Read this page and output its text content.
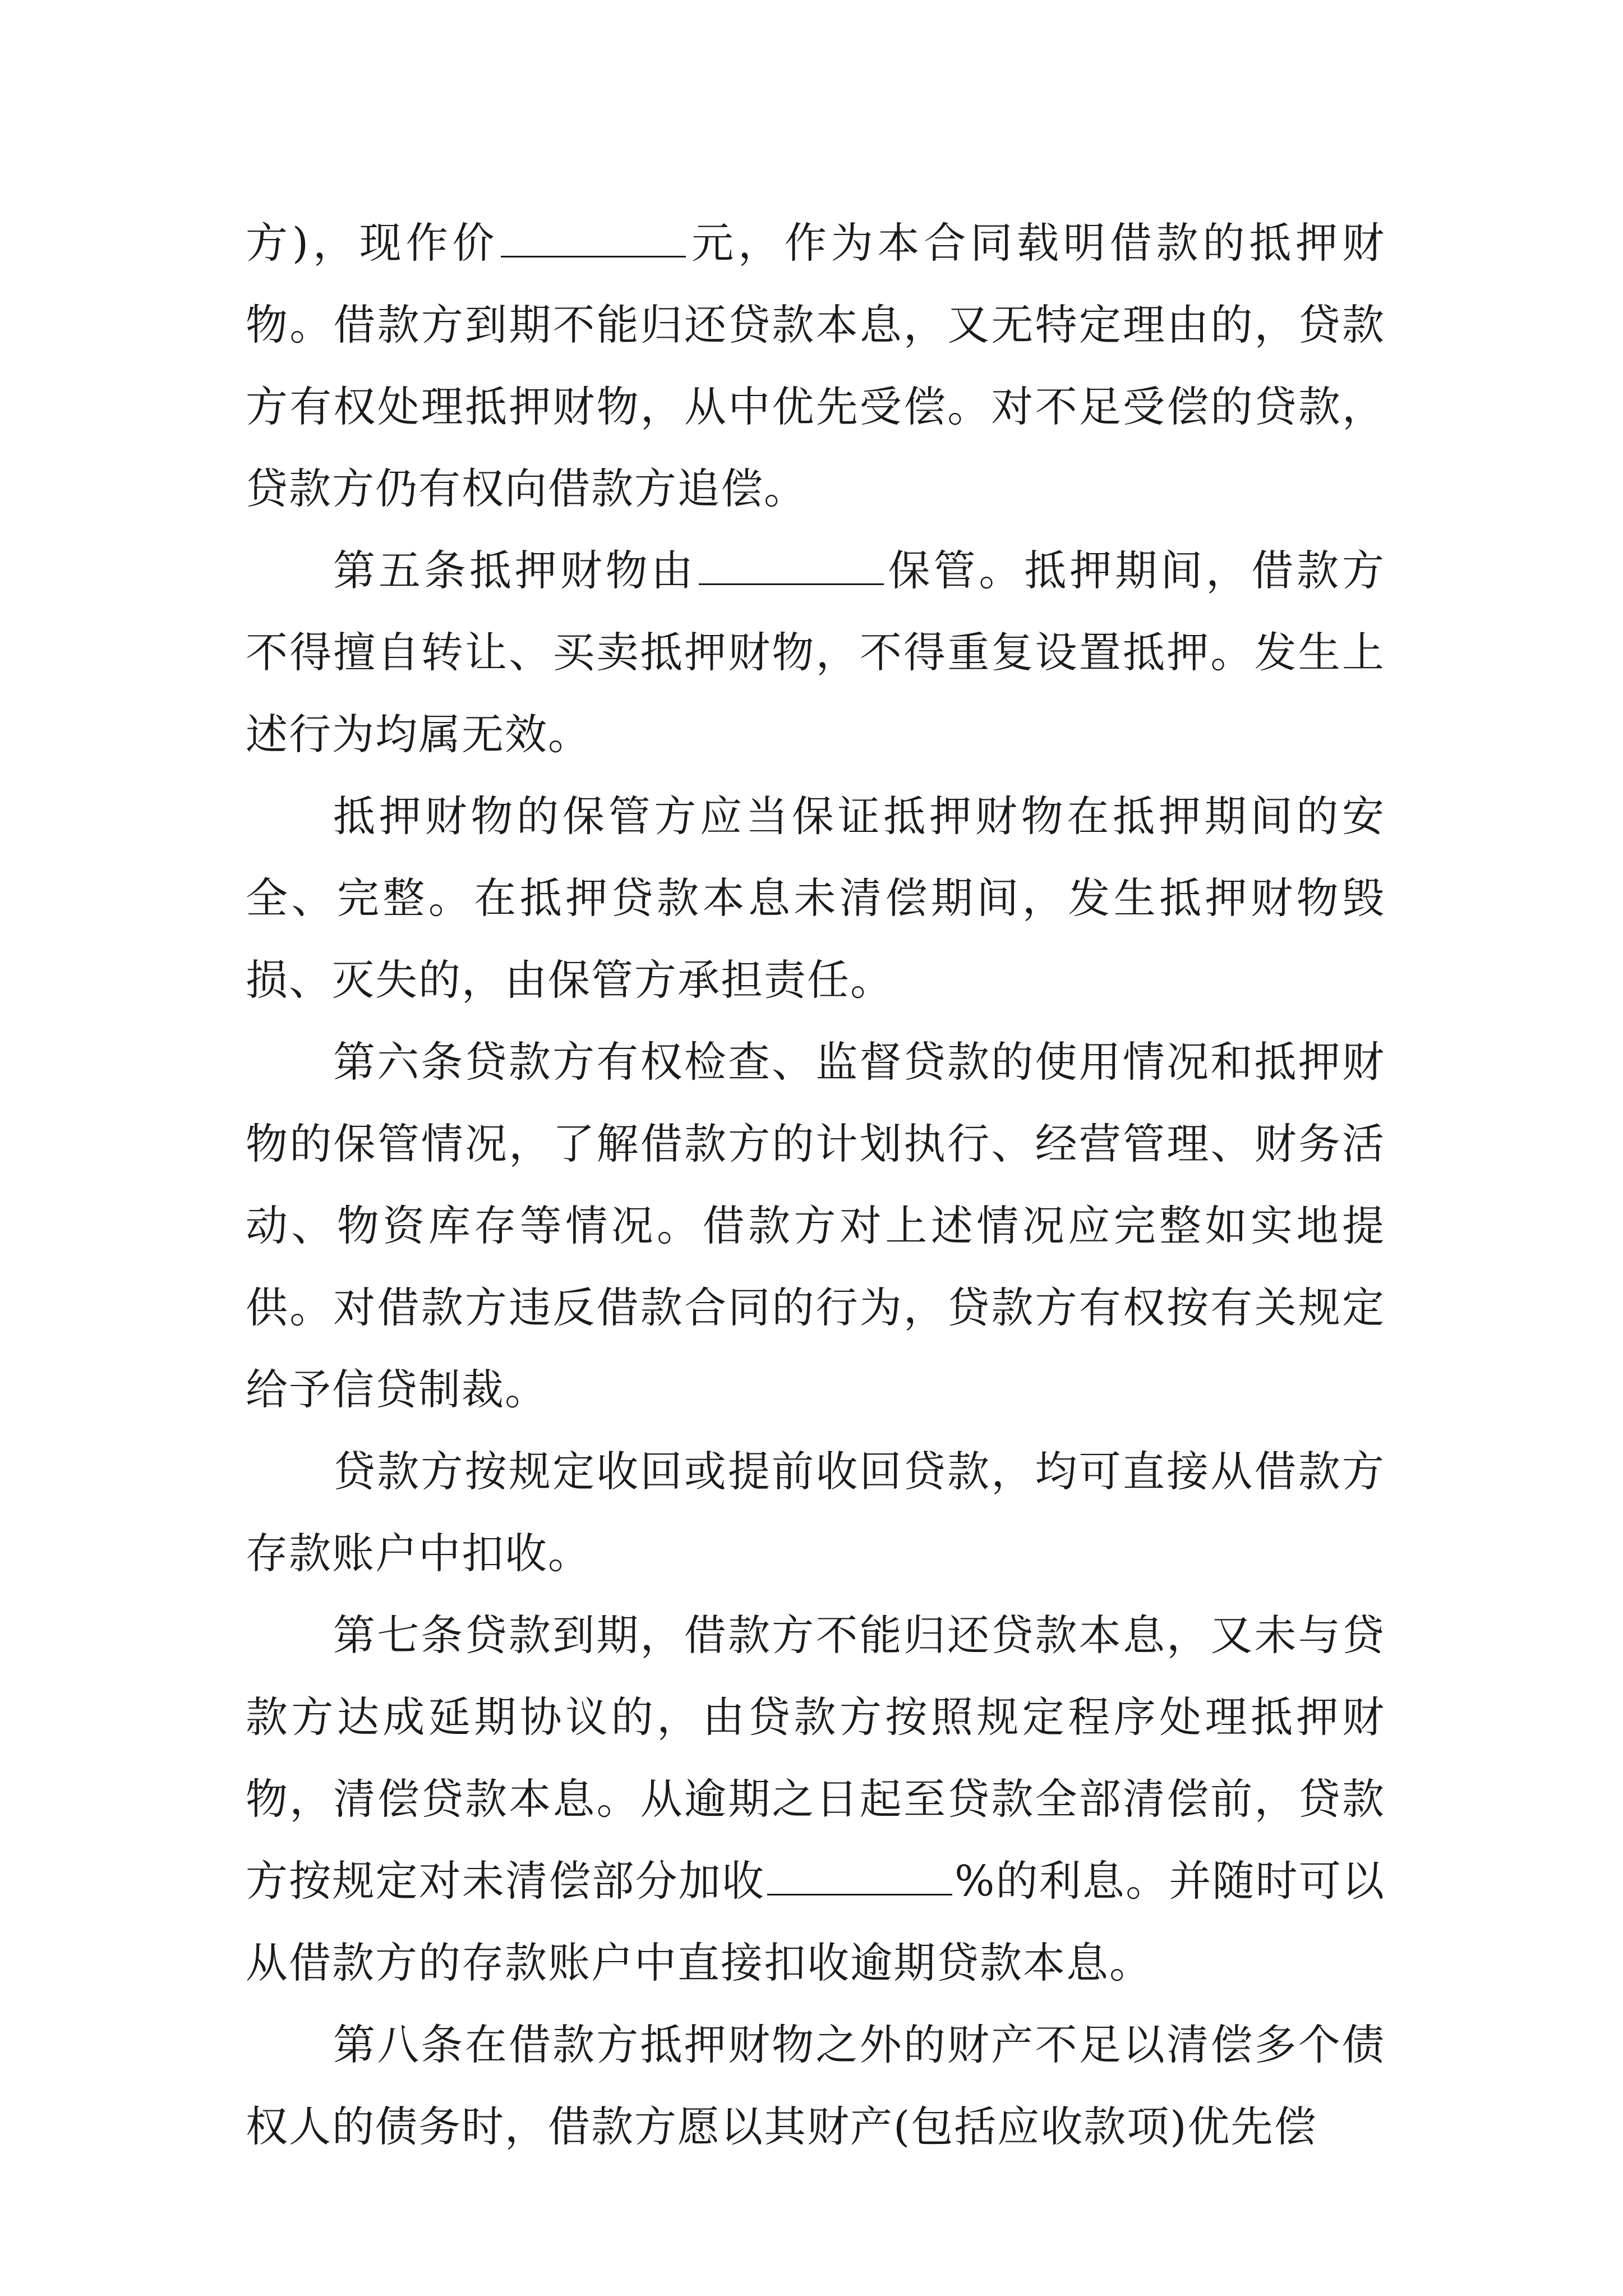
方)，现作价	元，作为本合同载明借款的抵押财物。借款方到期不能归还贷款本息，又无特定理由的，贷款方有权处理抵押财物，从中优先受偿。对不足受偿的贷款，贷款方仍有权向借款方追偿。

第五条抵押财物由	保管。抵押期间，借款方不得擅自转让、买卖抵押财物，不得重复设置抵押。发生上述行为均属无效。

抵押财物的保管方应当保证抵押财物在抵押期间的安全、完整。在抵押贷款本息未清偿期间，发生抵押财物毁损、灭失的，由保管方承担责任。

第六条贷款方有权检查、监督贷款的使用情况和抵押财物的保管情况，了解借款方的计划执行、经营管理、财务活动、物资库存等情况。借款方对上述情况应完整如实地提供。对借款方违反借款合同的行为，贷款方有权按有关规定给予信贷制裁。

贷款方按规定收回或提前收回贷款，均可直接从借款方存款账户中扣收。

第七条贷款到期，借款方不能归还贷款本息，又未与贷款方达成延期协议的，由贷款方按照规定程序处理抵押财物，清偿贷款本息。从逾期之日起至贷款全部清偿前，贷款方按规定对未清偿部分加收	%的利息。并随时可以从借款方的存款账户中直接扣收逾期贷款本息。

第八条在借款方抵押财物之外的财产不足以清偿多个债权人的债务时，借款方愿以其财产(包括应收款项)优先偿
